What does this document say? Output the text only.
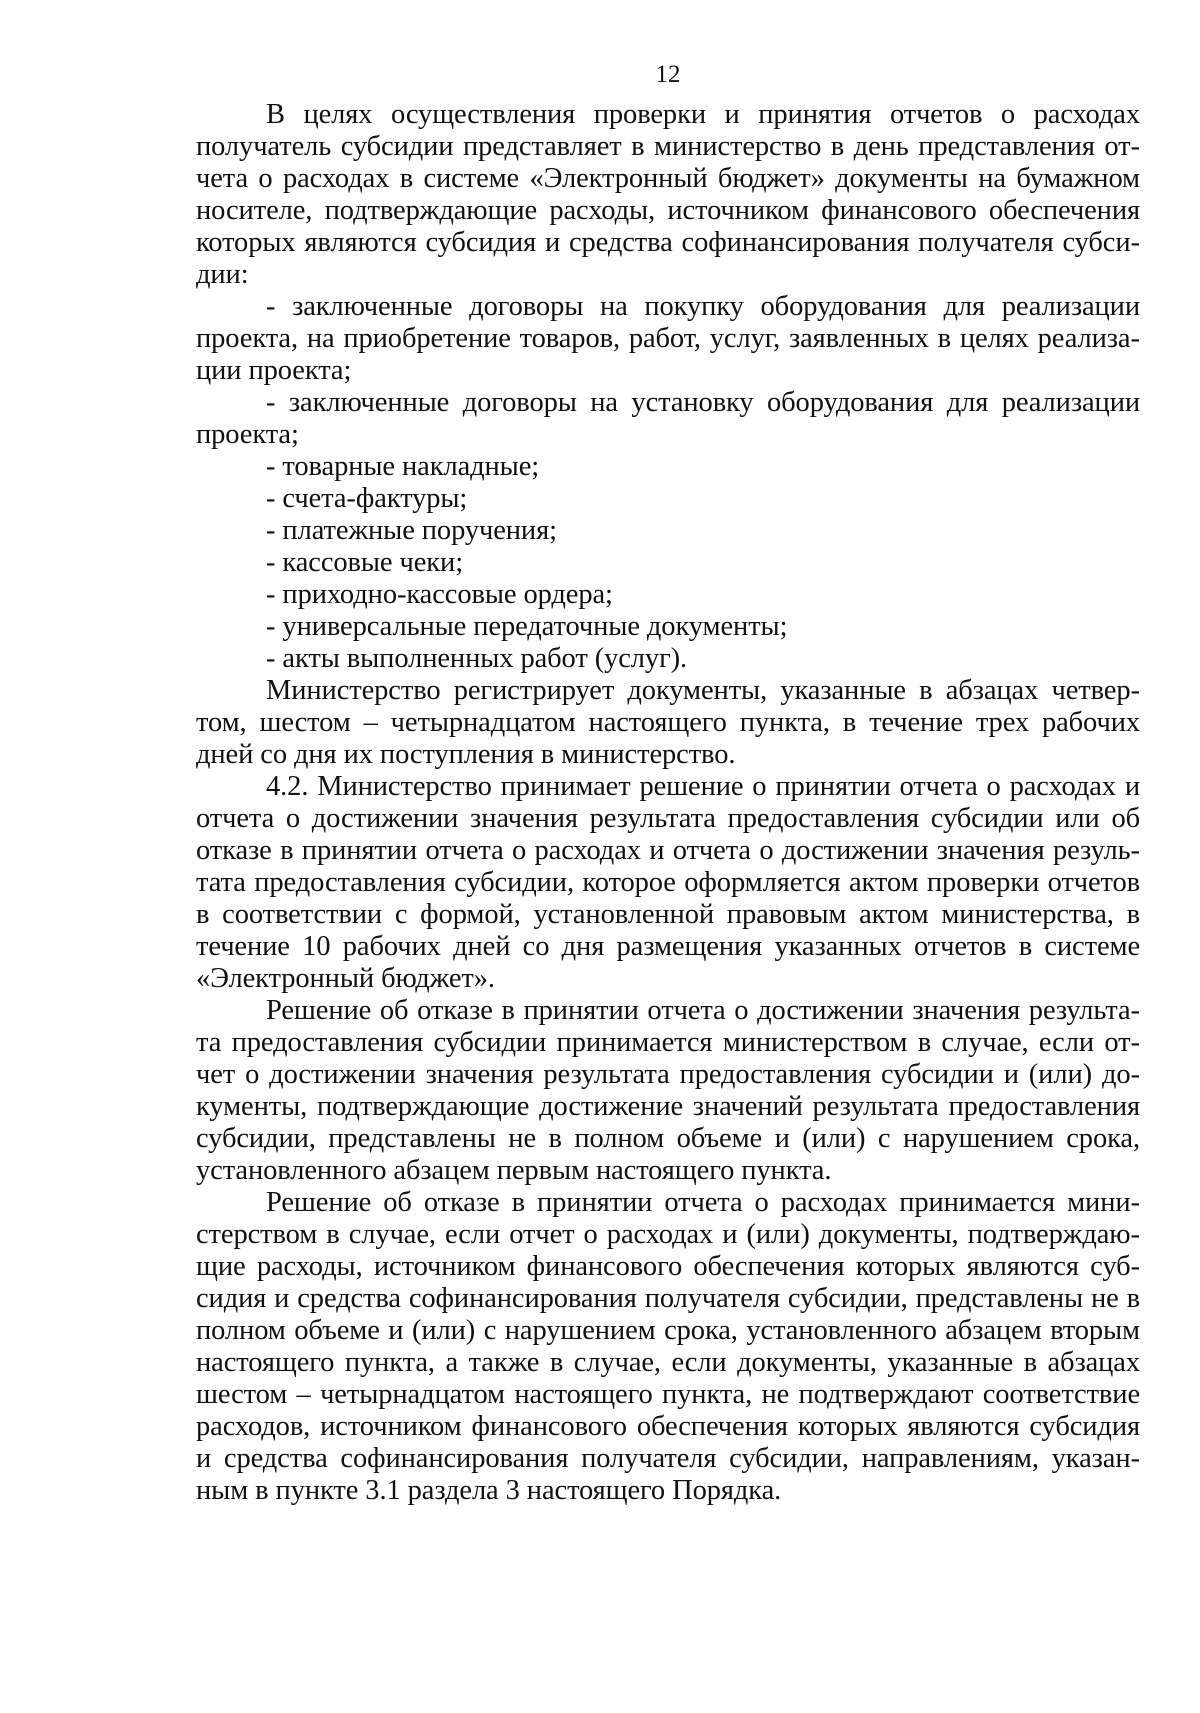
12

В целях осуществления проверки и принятия отчетов о расходах получатель субсидии представляет в министерство в день представления отчета о расходах в системе «Электронный бюджет» документы на бумажном носителе, подтверждающие расходы, источником финансового обеспечения которых являются субсидия и средства софинансирования получателя субсидии:

- заключенные договоры на покупку оборудования для реализации проекта, на приобретение товаров, работ, услуг, заявленных в целях реализации проекта;

- заключенные договоры на установку оборудования для реализации проекта;

- товарные накладные;

- счета-фактуры;

- платежные поручения;

- кассовые чеки;

- приходно-кассовые ордера;

- универсальные передаточные документы;

- акты выполненных работ (услуг).

Министерство регистрирует документы, указанные в абзацах четвертом, шестом – четырнадцатом настоящего пункта, в течение трех рабочих дней со дня их поступления в министерство.

4.2. Министерство принимает решение о принятии отчета о расходах и отчета о достижении значения результата предоставления субсидии или об отказе в принятии отчета о расходах и отчета о достижении значения результата предоставления субсидии, которое оформляется актом проверки отчетов в соответствии с формой, установленной правовым актом министерства, в течение 10 рабочих дней со дня размещения указанных отчетов в системе «Электронный бюджет».

Решение об отказе в принятии отчета о достижении значения результата предоставления субсидии принимается министерством в случае, если отчет о достижении значения результата предоставления субсидии и (или) документы, подтверждающие достижение значений результата предоставления субсидии, представлены не в полном объеме и (или) с нарушением срока, установленного абзацем первым настоящего пункта.

Решение об отказе в принятии отчета о расходах принимается министерством в случае, если отчет о расходах и (или) документы, подтверждающие расходы, источником финансового обеспечения которых являются субсидия и средства софинансирования получателя субсидии, представлены не в полном объеме и (или) с нарушением срока, установленного абзацем вторым настоящего пункта, а также в случае, если документы, указанные в абзацах шестом – четырнадцатом настоящего пункта, не подтверждают соответствие расходов, источником финансового обеспечения которых являются субсидия и средства софинансирования получателя субсидии, направлениям, указанным в пункте 3.1 раздела 3 настоящего Порядка.
